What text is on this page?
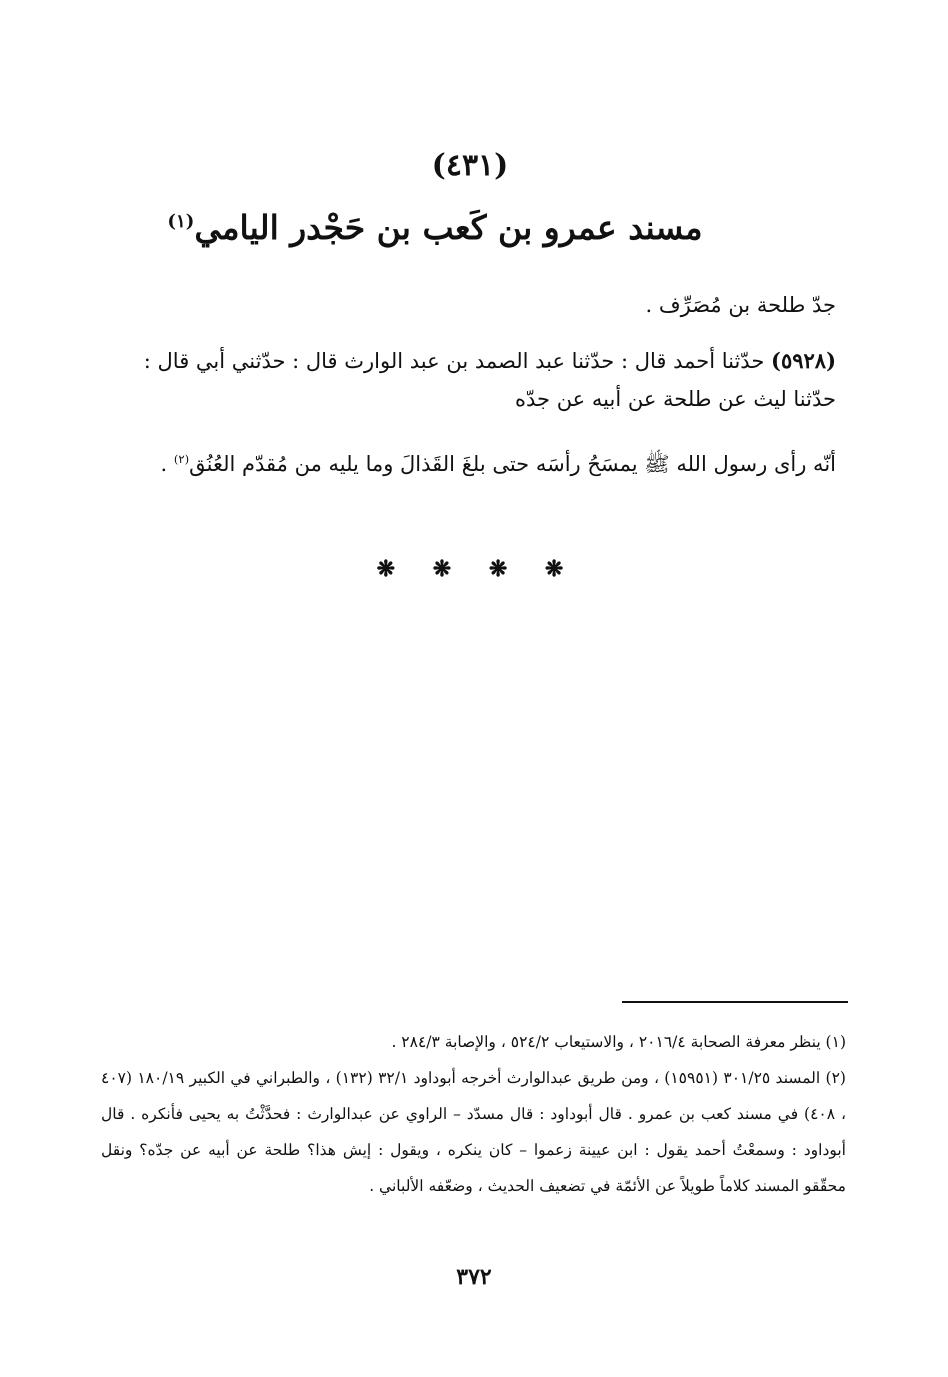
(٤٣١)
مسند عمرو بن كَعب بن حَجْدر اليامي$^{(١)}$
جدّ طلحة بن مُصَرِّف .
(٥٩٢٨) حدّثنا أحمد قال : حدّثنا عبد الصمد بن عبد الوارث قال : حدّثني أبي قال : حدّثنا ليث عن طلحة عن أبيه عن جدّه
أنّه رأى رسول الله ﷺ يمسَحُ رأسَه حتى بلغَ القَذالَ وما يليه من مُقدّم العُنُق$^{(٢)}$ .
❋ ❋ ❋ ❋

(١) ينظر معرفة الصحابة ٢٠١٦/٤ ، والاستيعاب ٥٢٤/٢ ، والإصابة ٢٨٤/٣ .

(٢) المسند ٣٠١/٢٥ (١٥٩٥١) ، ومن طريق عبدالوارث أخرجه أبوداود ٣٢/١ (١٣٢) ، والطبراني في الكبير ١٨٠/١٩ (٤٠٧ ، ٤٠٨) في مسند كعب بن عمرو . قال أبوداود : قال مسدّد – الراوي عن عبدالوارث : فحدَّثْتُ به يحيى فأنكره . قال أبوداود : وسمعْتُ أحمد يقول : ابن عيينة زعموا – كان ينكره ، ويقول : إيش هذا؟ طلحة عن أبيه عن جدّه؟ ونقل محقّقو المسند كلاماً طويلاً عن الأئمّة في تضعيف الحديث ، وضعّفه الألباني .

٣٧٢
